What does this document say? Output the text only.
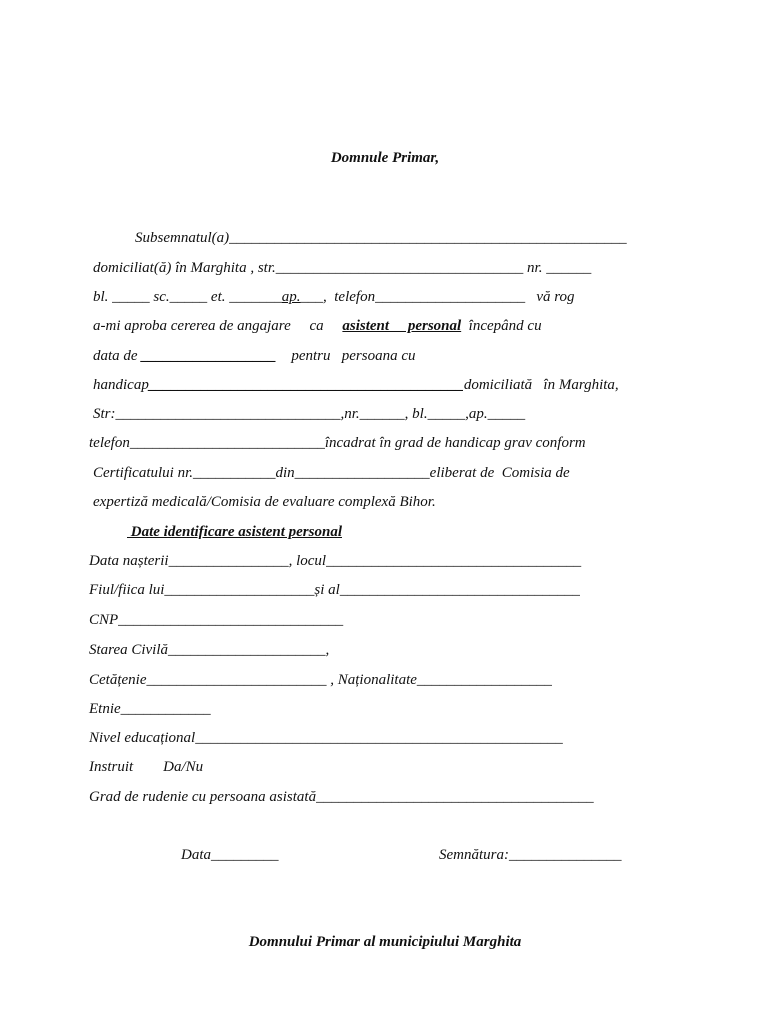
Domnule Primar,
Subsemnatul(a)_____________________________________________________
domiciliat(ă) în Marghita , str._________________________________ nr. ______
bl. _____ sc._____ et. _______ap.___,  telefon____________________   vă rog
a-mi aproba cererea de angajare     ca     asistent     personal  începând cu
data de __________________    pentru   persoana cu
handicap__________________________________________domiciliată   în Marghita,
Str:______________________________,nr.______, bl._____,ap._____
telefon__________________________încadrat în grad de handicap grav conform
Certificatului nr.___________din__________________eliberat de  Comisia de
expertiză medicală/Comisia de evaluare complexă Bihor.
Date identificare asistent personal
Data nașterii________________, locul__________________________________
Fiul/fiica lui____________________și al________________________________
CNP______________________________
Starea Civilă_____________________,
Cetățenie________________________ , Naționalitate__________________
Etnie____________
Nivel educațional_________________________________________________
Instruit        Da/Nu
Grad de rudenie cu persoana asistată_____________________________________
Data_________	Semnătura:_______________
Domnului Primar al municipiului Marghita
